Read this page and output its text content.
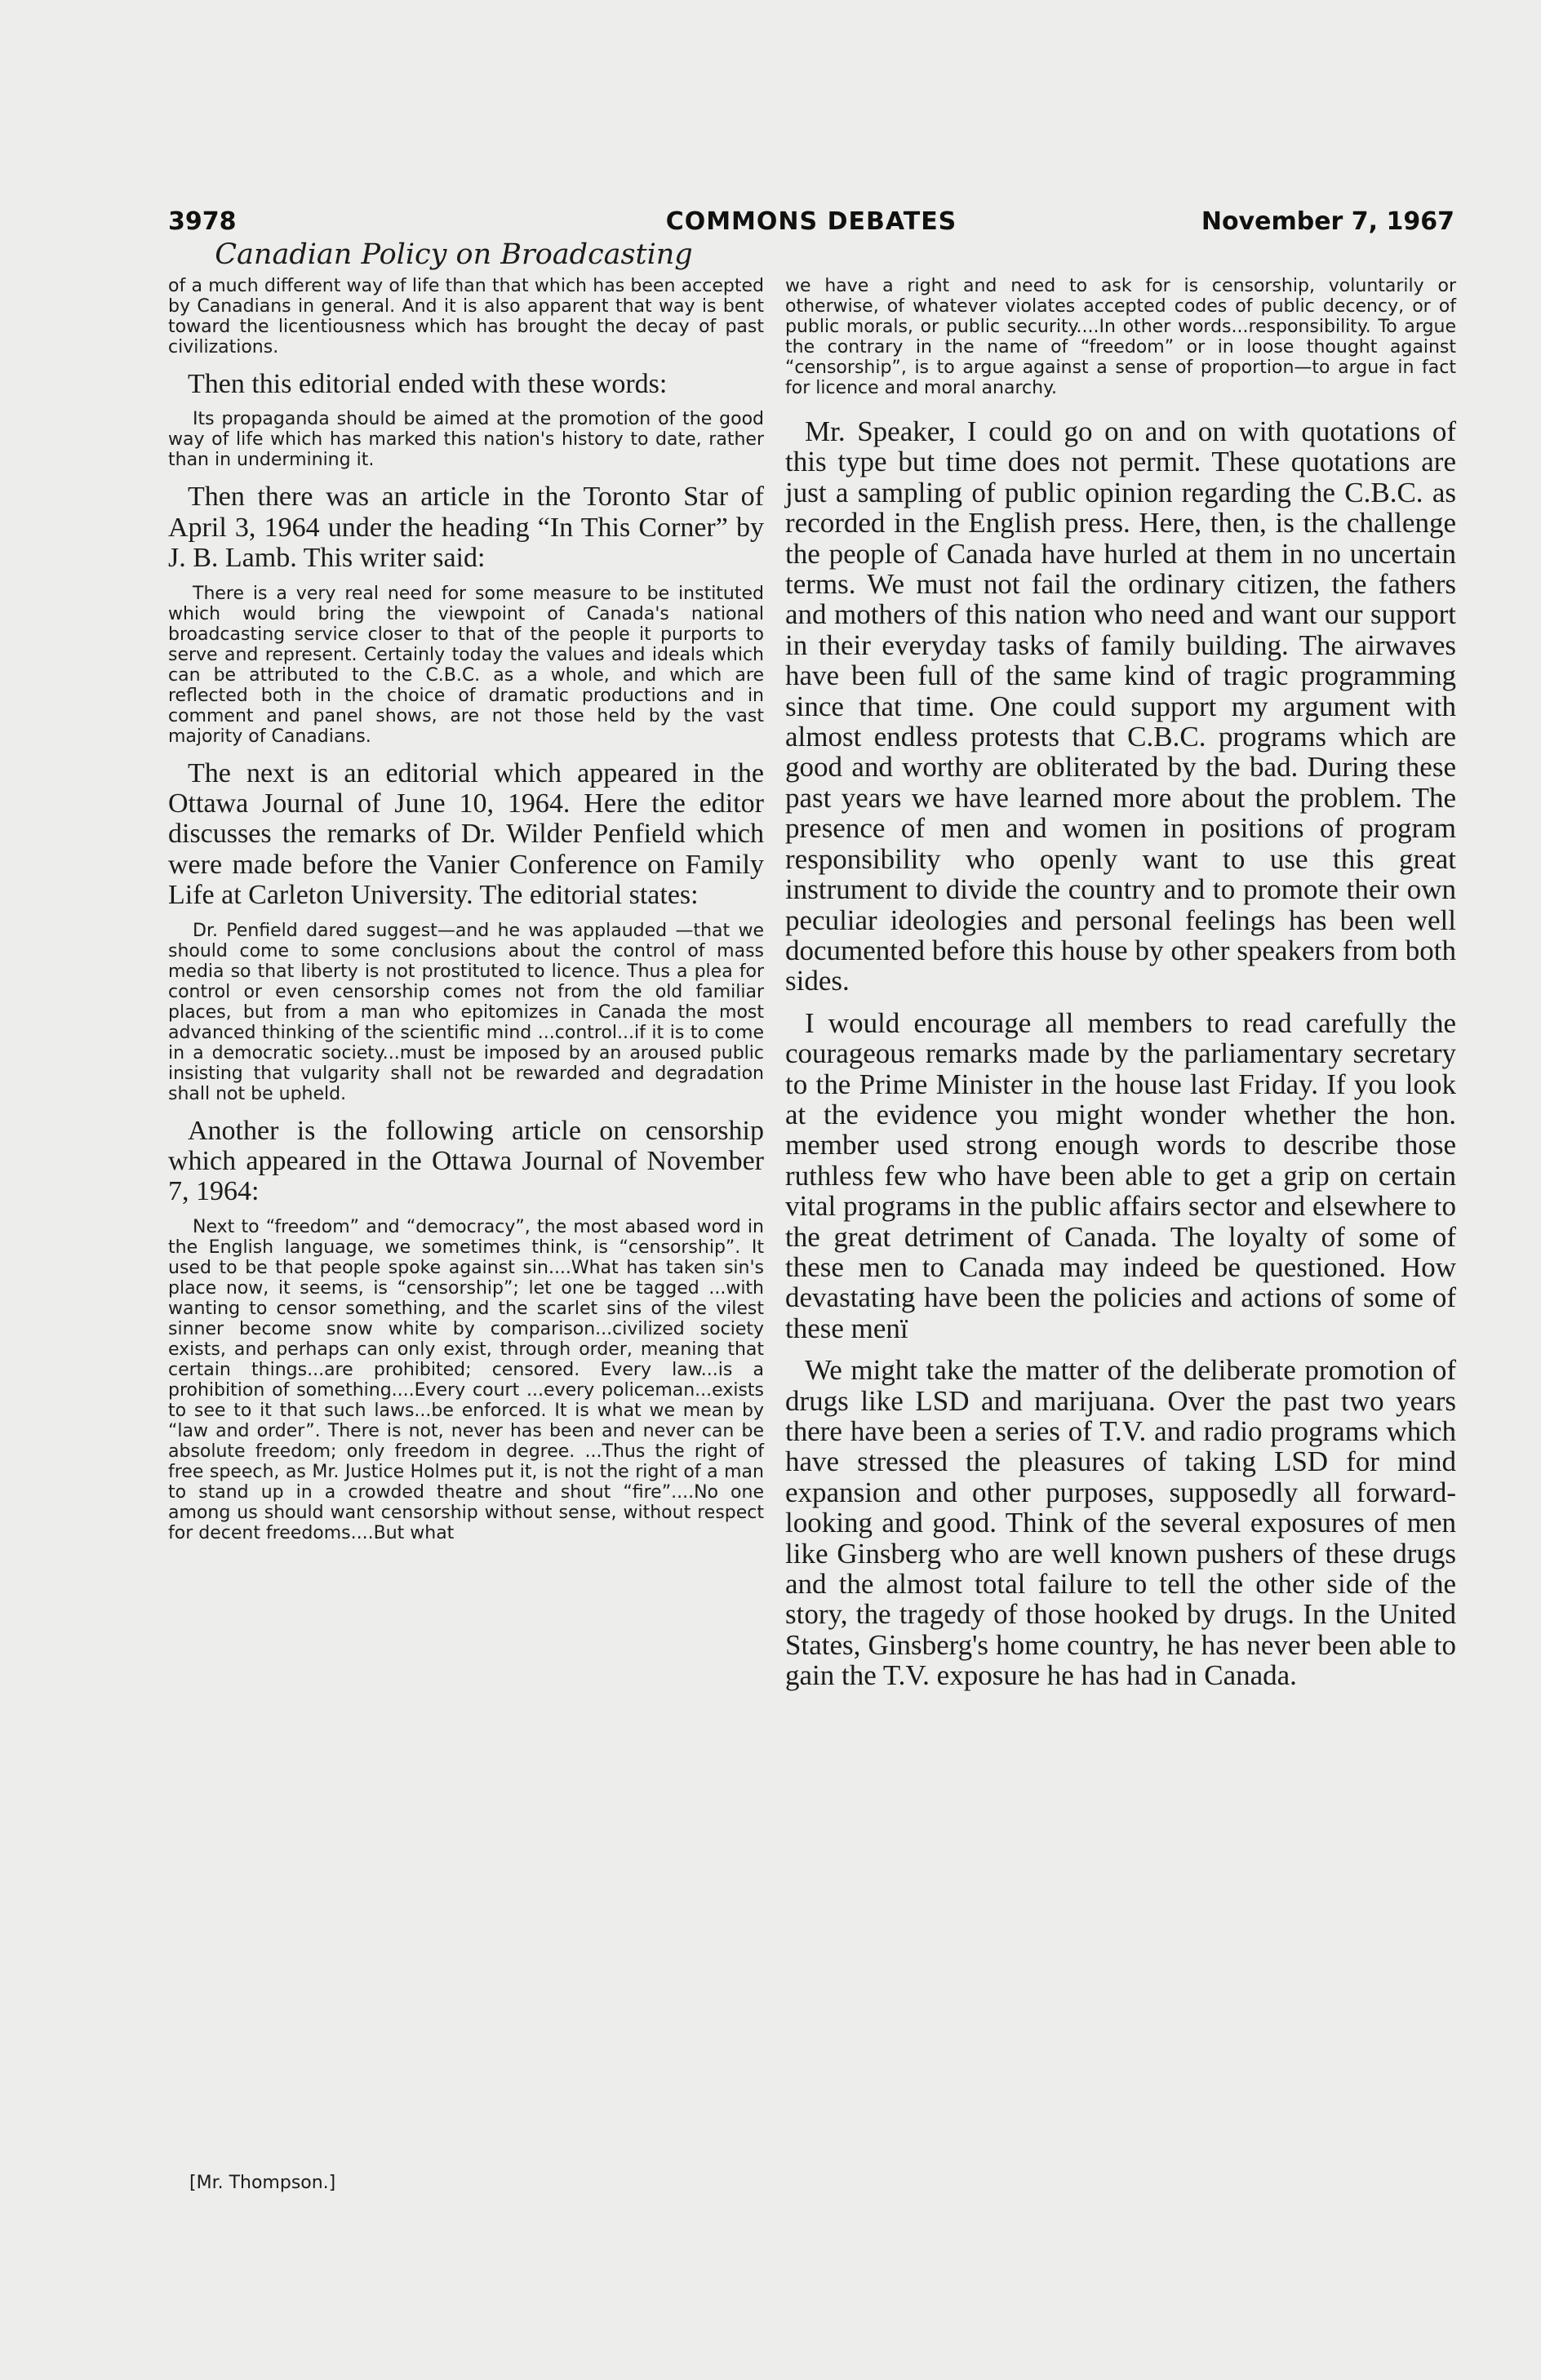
3978	COMMONS DEBATES	November 7, 1967
Canadian Policy on Broadcasting

of a much different way of life than that which has been accepted by Canadians in general. And it is also apparent that way is bent toward the licentiousness which has brought the decay of past civilizations.

Then this editorial ended with these words:

Its propaganda should be aimed at the promotion of the good way of life which has marked this nation's history to date, rather than in undermining it.

Then there was an article in the Toronto Star of April 3, 1964 under the heading “In This Corner” by J. B. Lamb. This writer said:

There is a very real need for some measure to be instituted which would bring the viewpoint of Canada's national broadcasting service closer to that of the people it purports to serve and represent. Certainly today the values and ideals which can be attributed to the C.B.C. as a whole, and which are reflected both in the choice of dramatic productions and in comment and panel shows, are not those held by the vast majority of Canadians.

The next is an editorial which appeared in the Ottawa Journal of June 10, 1964. Here the editor discusses the remarks of Dr. Wilder Penfield which were made before the Vanier Conference on Family Life at Carleton University. The editorial states:

Dr. Penfield dared suggest—and he was applauded —that we should come to some conclusions about the control of mass media so that liberty is not prostituted to licence. Thus a plea for control or even censorship comes not from the old familiar places, but from a man who epitomizes in Canada the most advanced thinking of the scientific mind ...control...if it is to come in a democratic society...must be imposed by an aroused public insisting that vulgarity shall not be rewarded and degradation shall not be upheld.

Another is the following article on censorship which appeared in the Ottawa Journal of November 7, 1964:

Next to “freedom” and “democracy”, the most abased word in the English language, we sometimes think, is “censorship”. It used to be that people spoke against sin....What has taken sin's place now, it seems, is “censorship”; let one be tagged ...with wanting to censor something, and the scarlet sins of the vilest sinner become snow white by comparison...civilized society exists, and perhaps can only exist, through order, meaning that certain things...are prohibited; censored. Every law...is a prohibition of something....Every court ...every policeman...exists to see to it that such laws...be enforced. It is what we mean by “law and order”. There is not, never has been and never can be absolute freedom; only freedom in degree. ...Thus the right of free speech, as Mr. Justice Holmes put it, is not the right of a man to stand up in a crowded theatre and shout “fire”....No one among us should want censorship without sense, without respect for decent freedoms....But what

we have a right and need to ask for is censorship, voluntarily or otherwise, of whatever violates accepted codes of public decency, or of public morals, or public security....In other words...responsibility. To argue the contrary in the name of “freedom” or in loose thought against “censorship”, is to argue against a sense of proportion—to argue in fact for licence and moral anarchy.

Mr. Speaker, I could go on and on with quotations of this type but time does not permit. These quotations are just a sampling of public opinion regarding the C.B.C. as recorded in the English press. Here, then, is the challenge the people of Canada have hurled at them in no uncertain terms. We must not fail the ordinary citizen, the fathers and mothers of this nation who need and want our support in their everyday tasks of family building. The airwaves have been full of the same kind of tragic programming since that time. One could support my argument with almost endless protests that C.B.C. programs which are good and worthy are obliterated by the bad. During these past years we have learned more about the problem. The presence of men and women in positions of program responsibility who openly want to use this great instrument to divide the country and to promote their own peculiar ideologies and personal feelings has been well documented before this house by other speakers from both sides.

I would encourage all members to read carefully the courageous remarks made by the parliamentary secretary to the Prime Minister in the house last Friday. If you look at the evidence you might wonder whether the hon. member used strong enough words to describe those ruthless few who have been able to get a grip on certain vital programs in the public affairs sector and elsewhere to the great detriment of Canada. The loyalty of some of these men to Canada may indeed be questioned. How devastating have been the policies and actions of some of these menï

We might take the matter of the deliberate promotion of drugs like LSD and marijuana. Over the past two years there have been a series of T.V. and radio programs which have stressed the pleasures of taking LSD for mind expansion and other purposes, supposedly all forward-looking and good. Think of the several exposures of men like Ginsberg who are well known pushers of these drugs and the almost total failure to tell the other side of the story, the tragedy of those hooked by drugs. In the United States, Ginsberg's home country, he has never been able to gain the T.V. exposure he has had in Canada.

[Mr. Thompson.]
